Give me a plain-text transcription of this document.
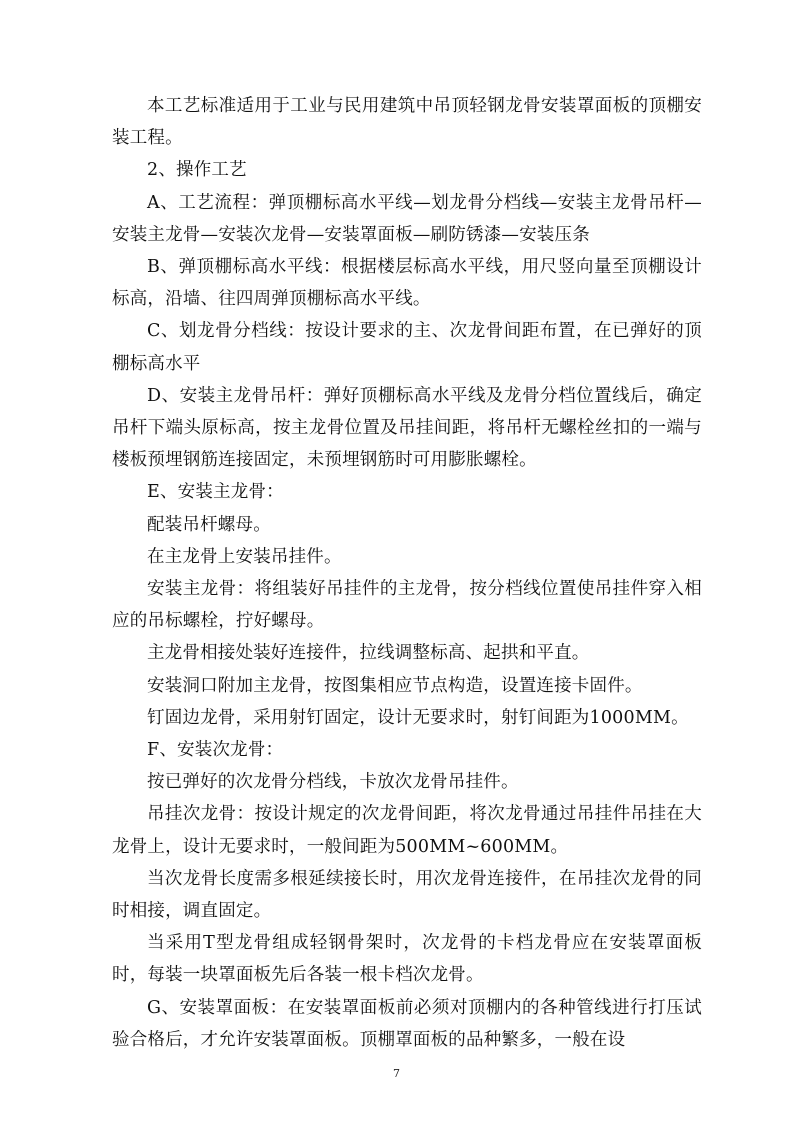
本工艺标准适用于工业与民用建筑中吊顶轻钢龙骨安装罩面板的顶棚安装工程。

2、操作工艺

A、工艺流程：弹顶棚标高水平线—划龙骨分档线—安装主龙骨吊杆—安装主龙骨—安装次龙骨—安装罩面板—刷防锈漆—安装压条

B、弹顶棚标高水平线：根据楼层标高水平线，用尺竖向量至顶棚设计标高，沿墙、往四周弹顶棚标高水平线。

C、划龙骨分档线：按设计要求的主、次龙骨间距布置，在已弹好的顶棚标高水平

D、安装主龙骨吊杆：弹好顶棚标高水平线及龙骨分档位置线后，确定吊杆下端头原标高，按主龙骨位置及吊挂间距，将吊杆无螺栓丝扣的一端与楼板预埋钢筋连接固定，未预埋钢筋时可用膨胀螺栓。

E、安装主龙骨：

配装吊杆螺母。

在主龙骨上安装吊挂件。

安装主龙骨：将组装好吊挂件的主龙骨，按分档线位置使吊挂件穿入相应的吊标螺栓，拧好螺母。

主龙骨相接处装好连接件，拉线调整标高、起拱和平直。

安装洞口附加主龙骨，按图集相应节点构造，设置连接卡固件。

钉固边龙骨，采用射钉固定，设计无要求时，射钉间距为1000MM。

F、安装次龙骨：

按已弹好的次龙骨分档线，卡放次龙骨吊挂件。

吊挂次龙骨：按设计规定的次龙骨间距，将次龙骨通过吊挂件吊挂在大龙骨上，设计无要求时，一般间距为500MM~600MM。

当次龙骨长度需多根延续接长时，用次龙骨连接件，在吊挂次龙骨的同时相接，调直固定。

当采用T型龙骨组成轻钢骨架时，次龙骨的卡档龙骨应在安装罩面板时，每装一块罩面板先后各装一根卡档次龙骨。

G、安装罩面板：在安装罩面板前必须对顶棚内的各种管线进行打压试验合格后，才允许安装罩面板。顶棚罩面板的品种繁多，一般在设

7
